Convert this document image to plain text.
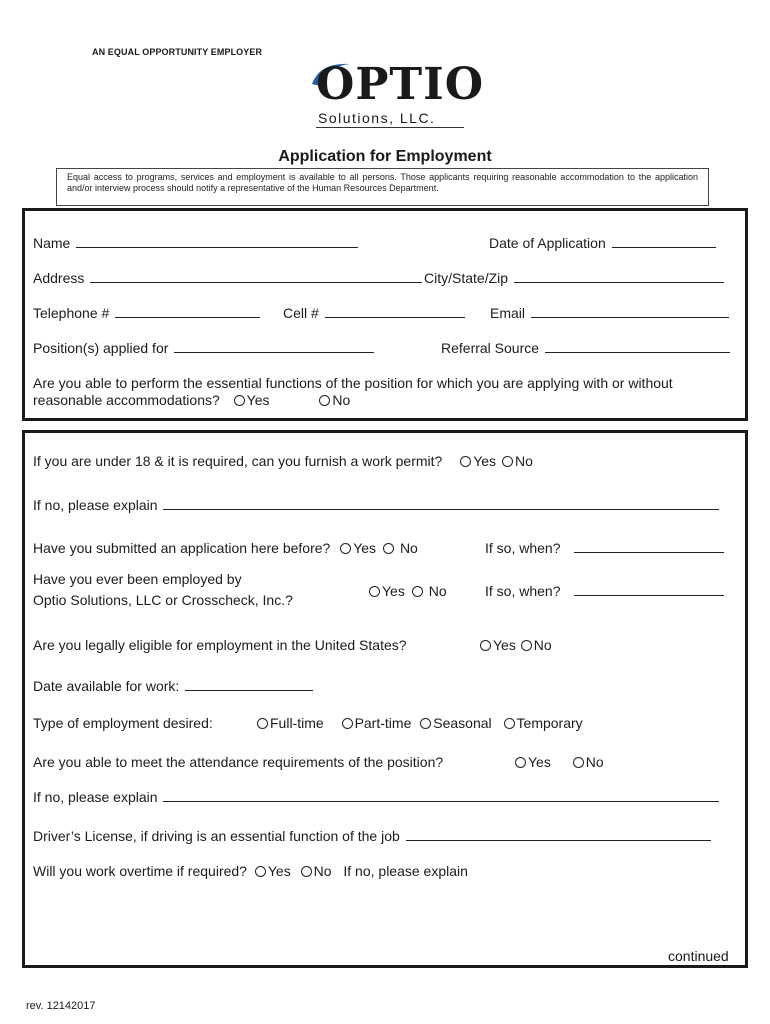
AN EQUAL OPPORTUNITY EMPLOYER
OPTIO
Solutions, LLC.
Application for Employment
Equal access to programs, services and employment is available to all persons. Those applicants requiring reasonable accommodation to the application and/or interview process should notify a representative of the Human Resources Department.
Name	Date of Application
Address	City/State/Zip
Telephone #	Cell #	Email
Position(s) applied for	Referral Source
Are you able to perform the essential functions of the position for which you are applying with or without
reasonable accommodations? Yes	No
If you are under 18 & it is required, can you furnish a work permit? Yes No
If no, please explain
Have you submitted an application here before? Yes No	If so, when?
Have you ever been employed by
Optio Solutions, LLC or Crosscheck, Inc.?
Yes No	If so, when?
Are you legally eligible for employment in the United States?	Yes No
Date available for work:
Type of employment desired:	Full-time Part-time Seasonal Temporary
Are you able to meet the attendance requirements of the position?	Yes No
If no, please explain
Driver’s License, if driving is an essential function of the job
Will you work overtime if required? Yes No If no, please explain
continued
rev. 12142017
